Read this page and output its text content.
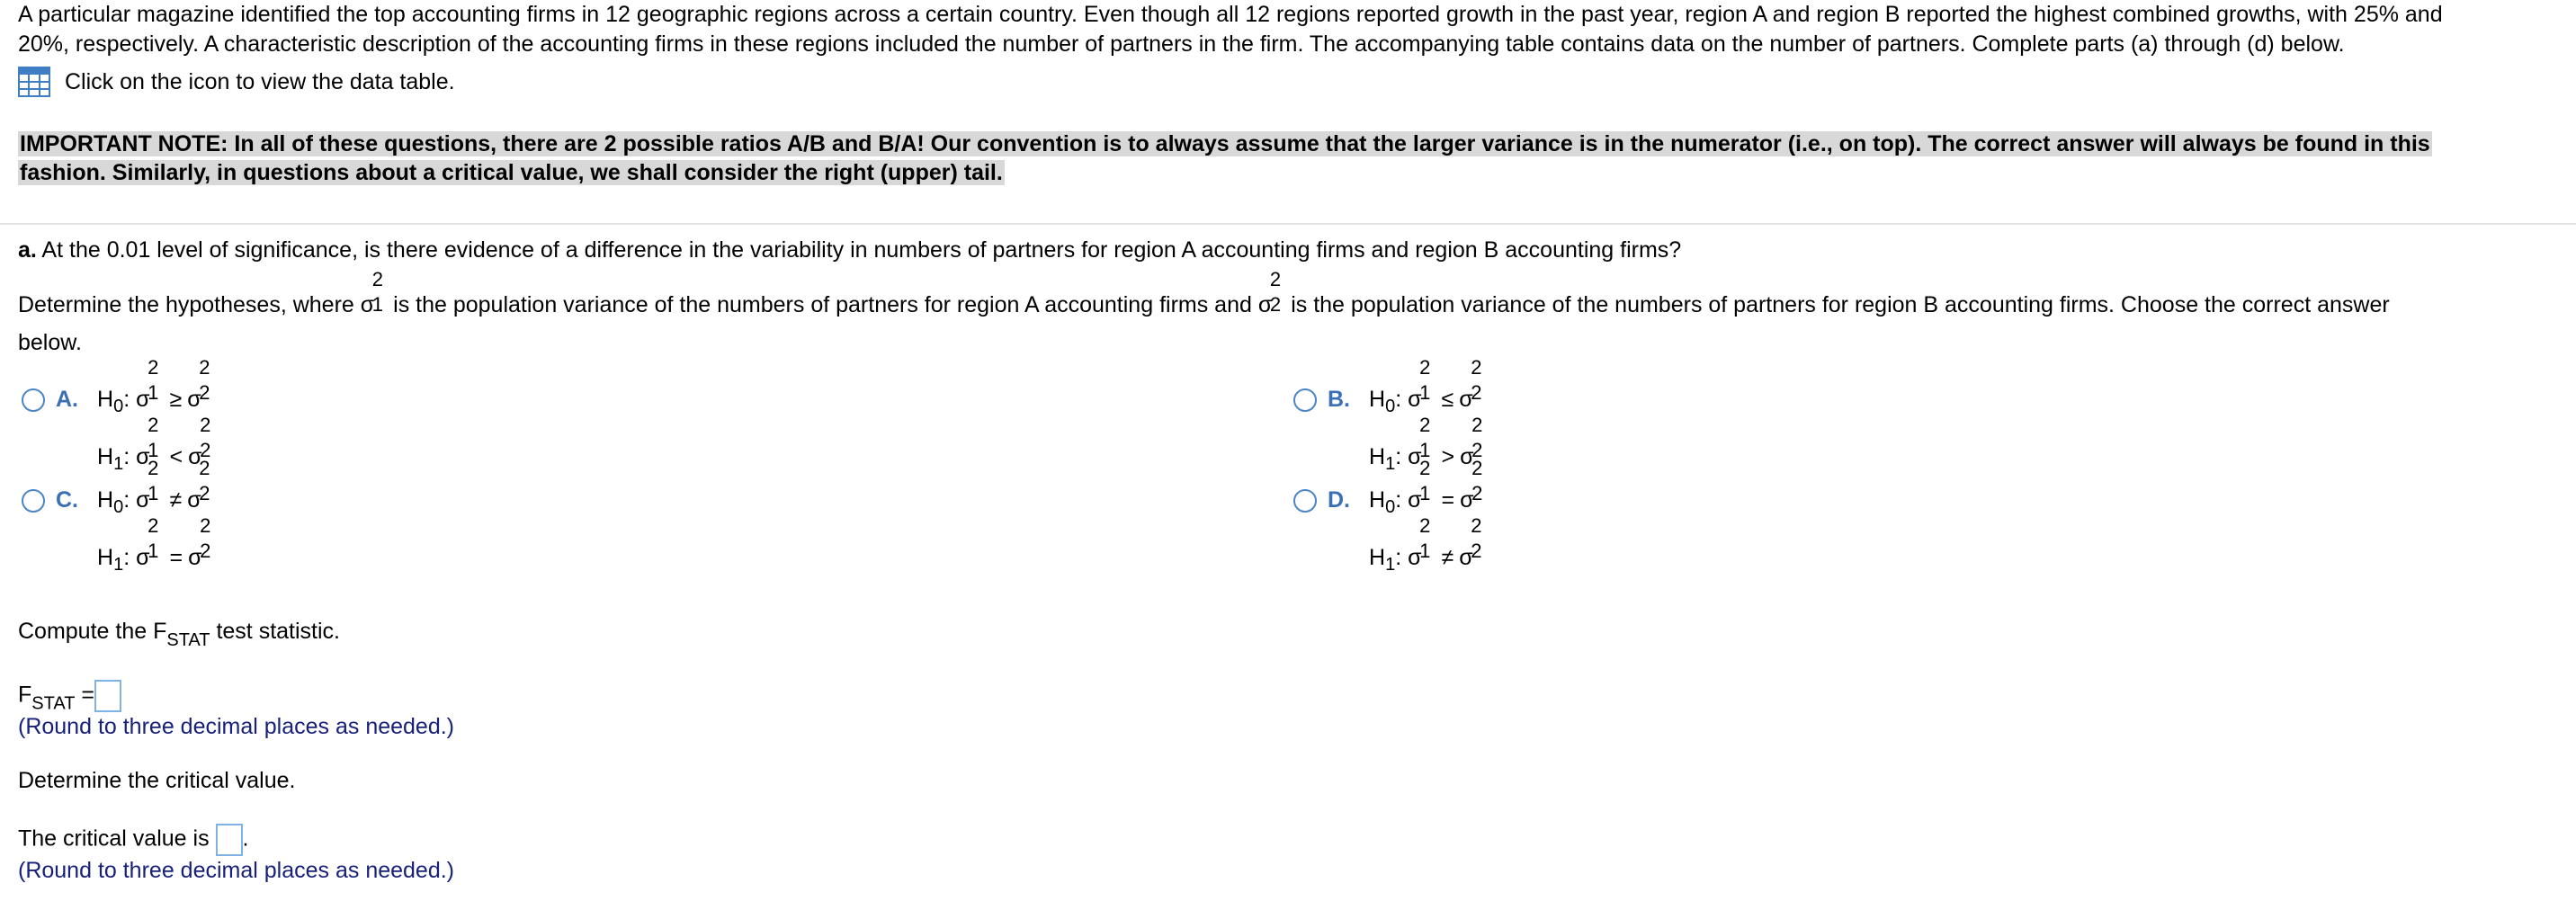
A particular magazine identified the top accounting firms in 12 geographic regions across a certain country. Even though all 12 regions reported growth in the past year, region A and region B reported the highest combined growths, with 25% and

20%, respectively. A characteristic description of the accounting firms in these regions included the number of partners in the firm. The accompanying table contains data on the number of partners. Complete parts (a) through (d) below.

Click on the icon to view the data table.
IMPORTANT NOTE: In all of these questions, there are 2 possible ratios A/B and B/A! Our convention is to always assume that the larger variance is in the numerator (i.e., on top). The correct answer will always be found in this
fashion. Similarly, in questions about a critical value, we shall consider the right (upper) tail.
a. At the 0.01 level of significance, is there evidence of a difference in the variability in numbers of partners for region A accounting firms and region B accounting firms?
Determine the hypotheses, where σ
2
1 is the population variance of the numbers of partners for region A accounting firms and σ
2
2 is the population variance of the numbers of partners for region B accounting firms. Choose the correct answer
below.
A. $H_0$: σ
2
1 ≥ σ
2
2
$H_1$: σ
2
1 < σ
2
2
B. $H_0$: σ
2
1 ≤ σ
2
2
$H_1$: σ
2
1 > σ
2
2
C. $H_0$: σ
2
1 ≠ σ
2
2
$H_1$: σ
2
1 = σ
2
2
D. $H_0$: σ
2
1 = σ
2
2
$H_1$: σ
2
1 ≠ σ
2
2
Compute the $F_{STAT}$ test statistic.
$F_{STAT}$ =
(Round to three decimal places as needed.)
Determine the critical value.
The critical value is .
(Round to three decimal places as needed.)
